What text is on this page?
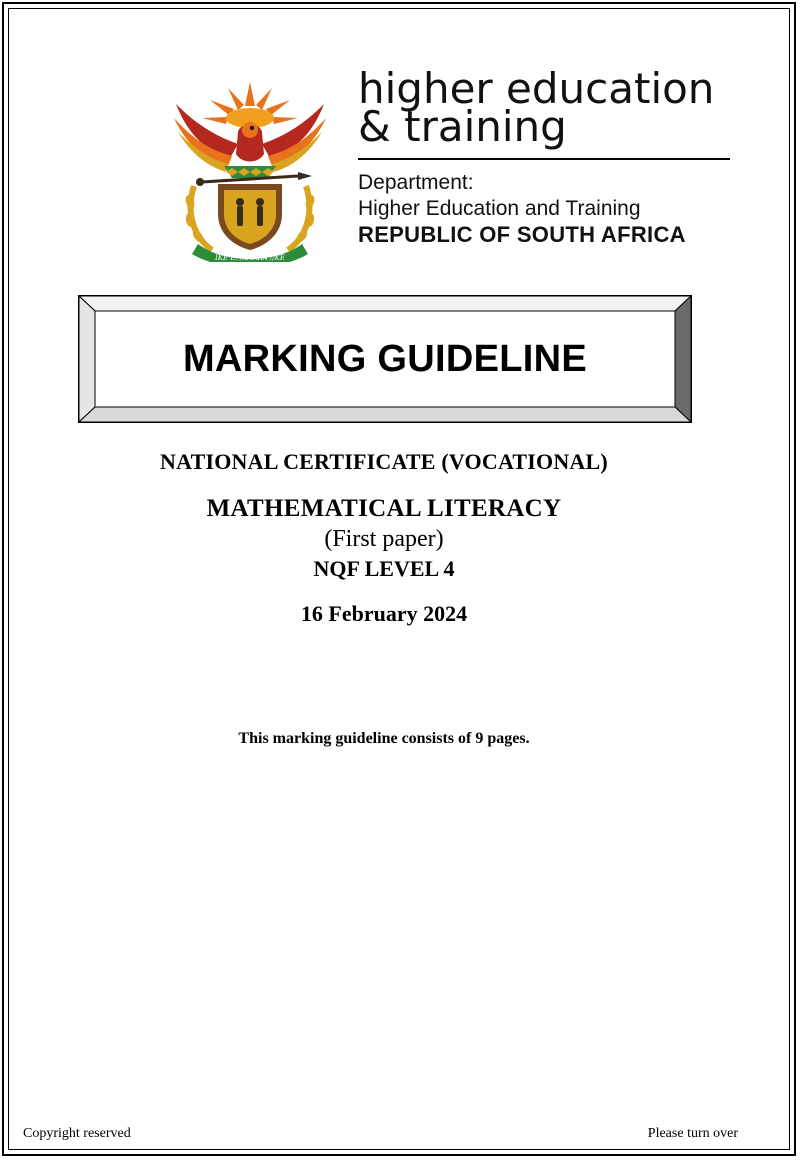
IKE E: /XARRA //KE

higher education

& training

Department:

Higher Education and Training

REPUBLIC OF SOUTH AFRICA

MARKING GUIDELINE

NATIONAL CERTIFICATE (VOCATIONAL)

MATHEMATICAL LITERACY

(First paper)

NQF LEVEL 4

16 February 2024

This marking guideline consists of 9 pages.

Copyright reserved	Please turn over
